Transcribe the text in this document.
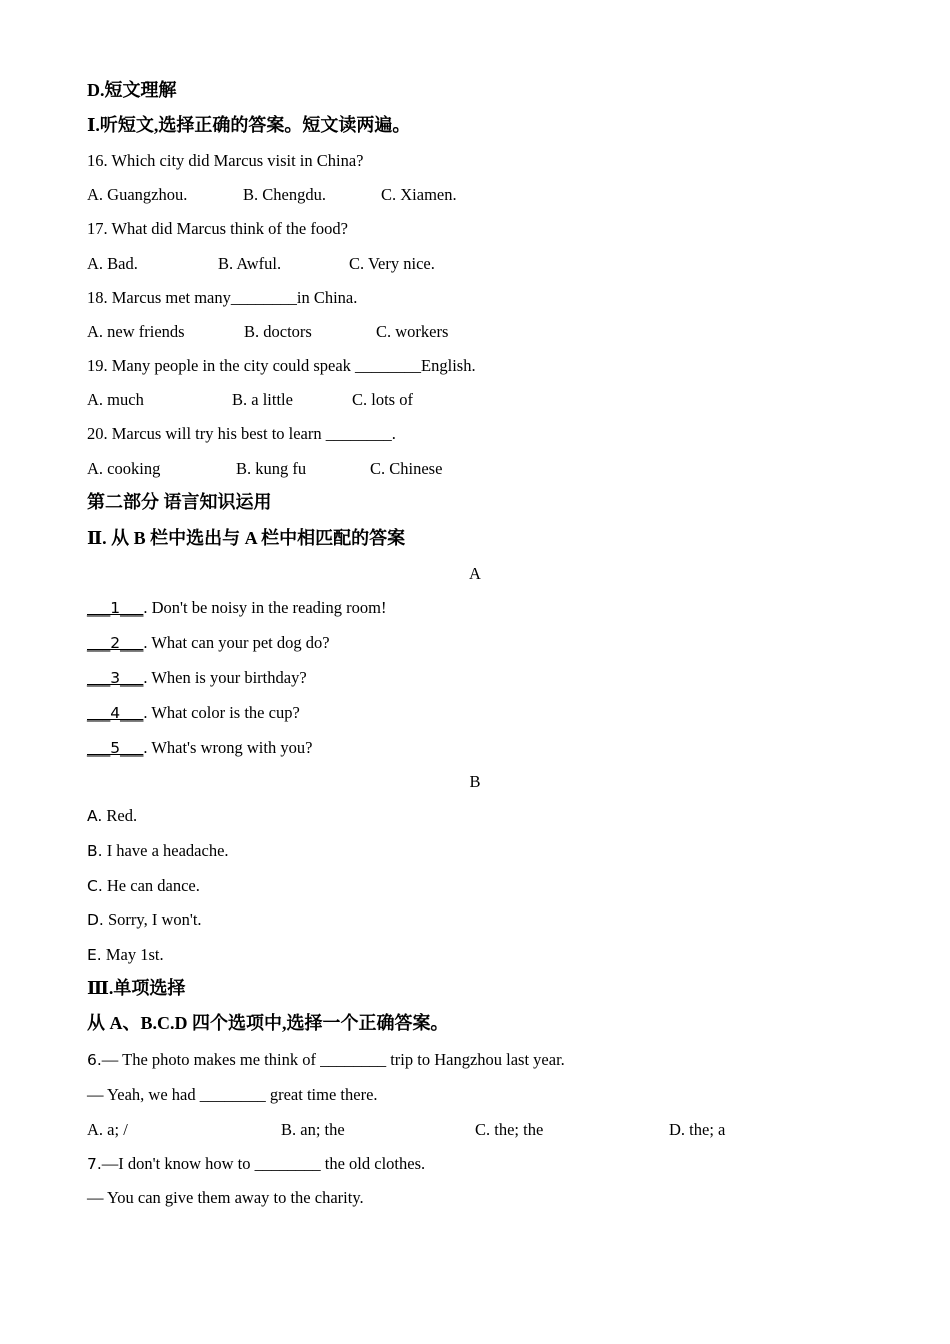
D.短文理解
Ⅰ.听短文,选择正确的答案。短文读两遍。
16. Which city did Marcus visit in China?
A. Guangzhou.	B. Chengdu.	C. Xiamen.
17. What did Marcus think of the food?
A. Bad.	B. Awful.	C. Very nice.
18. Marcus met many________in China.
A. new friends	B. doctors	C. workers
19. Many people in the city could speak ________English.
A. much	B. a little	C. lots of
20. Marcus will try his best to learn ________.
A. cooking	B. kung fu	C. Chinese
第二部分 语言知识运用
Ⅱ. 从 B 栏中选出与 A 栏中相匹配的答案
A
___1___. Don't be noisy in the reading room!
___2___. What can your pet dog do?
___3___. When is your birthday?
___4___. What color is the cup?
___5___. What's wrong with you?
B
A. Red.
B. I have a headache.
C. He can dance.
D. Sorry, I won't.
E. May 1st.
Ⅲ.单项选择
从 A、B.C.D 四个选项中,选择一个正确答案。
6.— The photo makes me think of ________ trip to Hangzhou last year.
— Yeah, we had ________ great time there.
A. a; /	B. an; the	C. the; the	D. the; a
7.—I don't know how to ________ the old clothes.
— You can give them away to the charity.
